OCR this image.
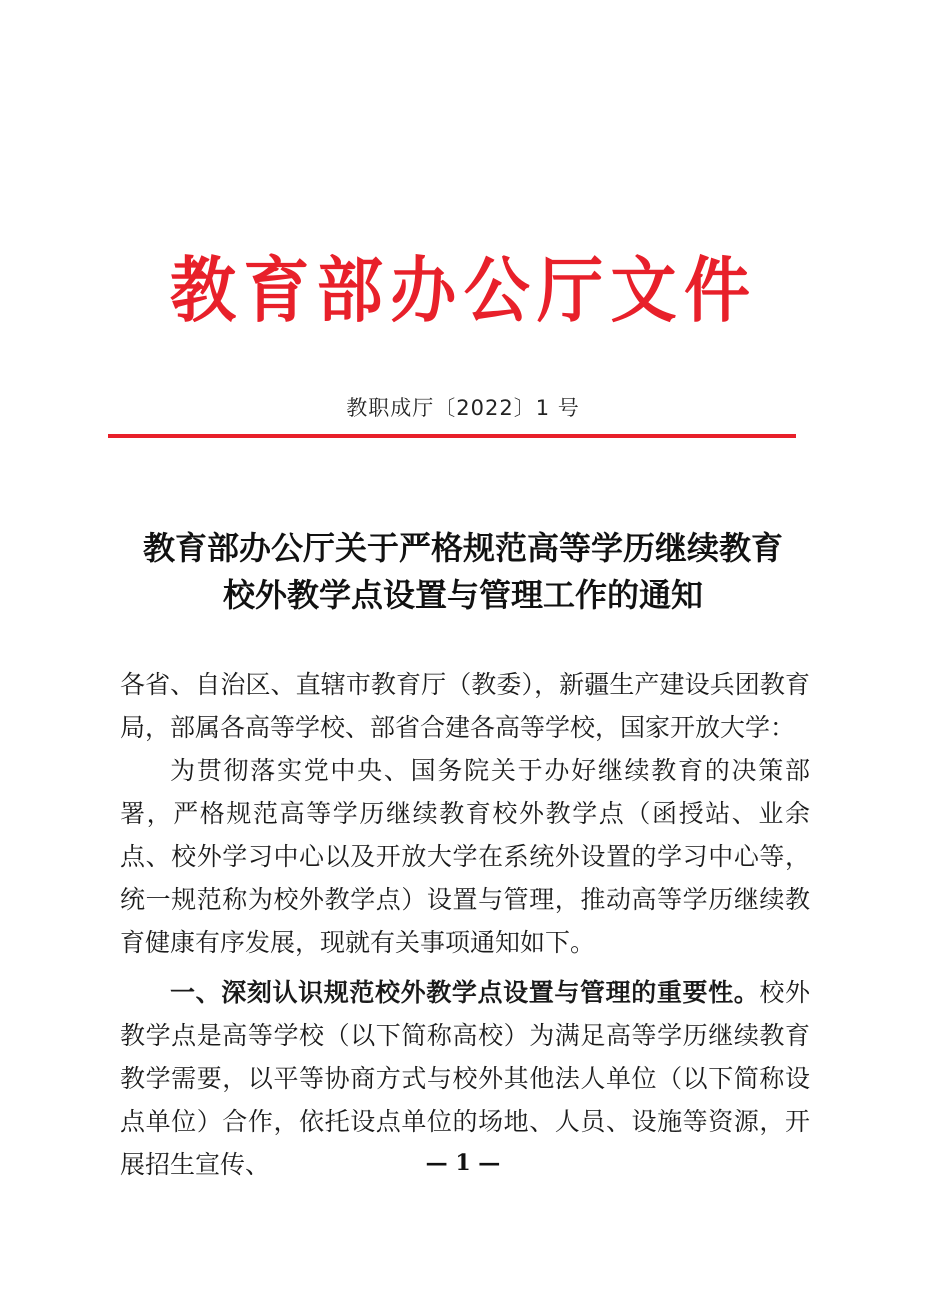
教 育 部 办 公 厅 文 件
教职成厅〔2022〕1 号
教育部办公厅关于严格规范高等学历继续教育
校外教学点设置与管理工作的通知

各省、自治区、直辖市教育厅（教委），新疆生产建设兵团教育局，部属各高等学校、部省合建各高等学校，国家开放大学：

为贯彻落实党中央、国务院关于办好继续教育的决策部署，严格规范高等学历继续教育校外教学点（函授站、业余点、校外学习中心以及开放大学在系统外设置的学习中心等，统一规范称为校外教学点）设置与管理，推动高等学历继续教育健康有序发展，现就有关事项通知如下。

一、深刻认识规范校外教学点设置与管理的重要性。校外教学点是高等学校（以下简称高校）为满足高等学历继续教育教学需要，以平等协商方式与校外其他法人单位（以下简称设点单位）合作，依托设点单位的场地、人员、设施等资源，开展招生宣传、	— 1 —
